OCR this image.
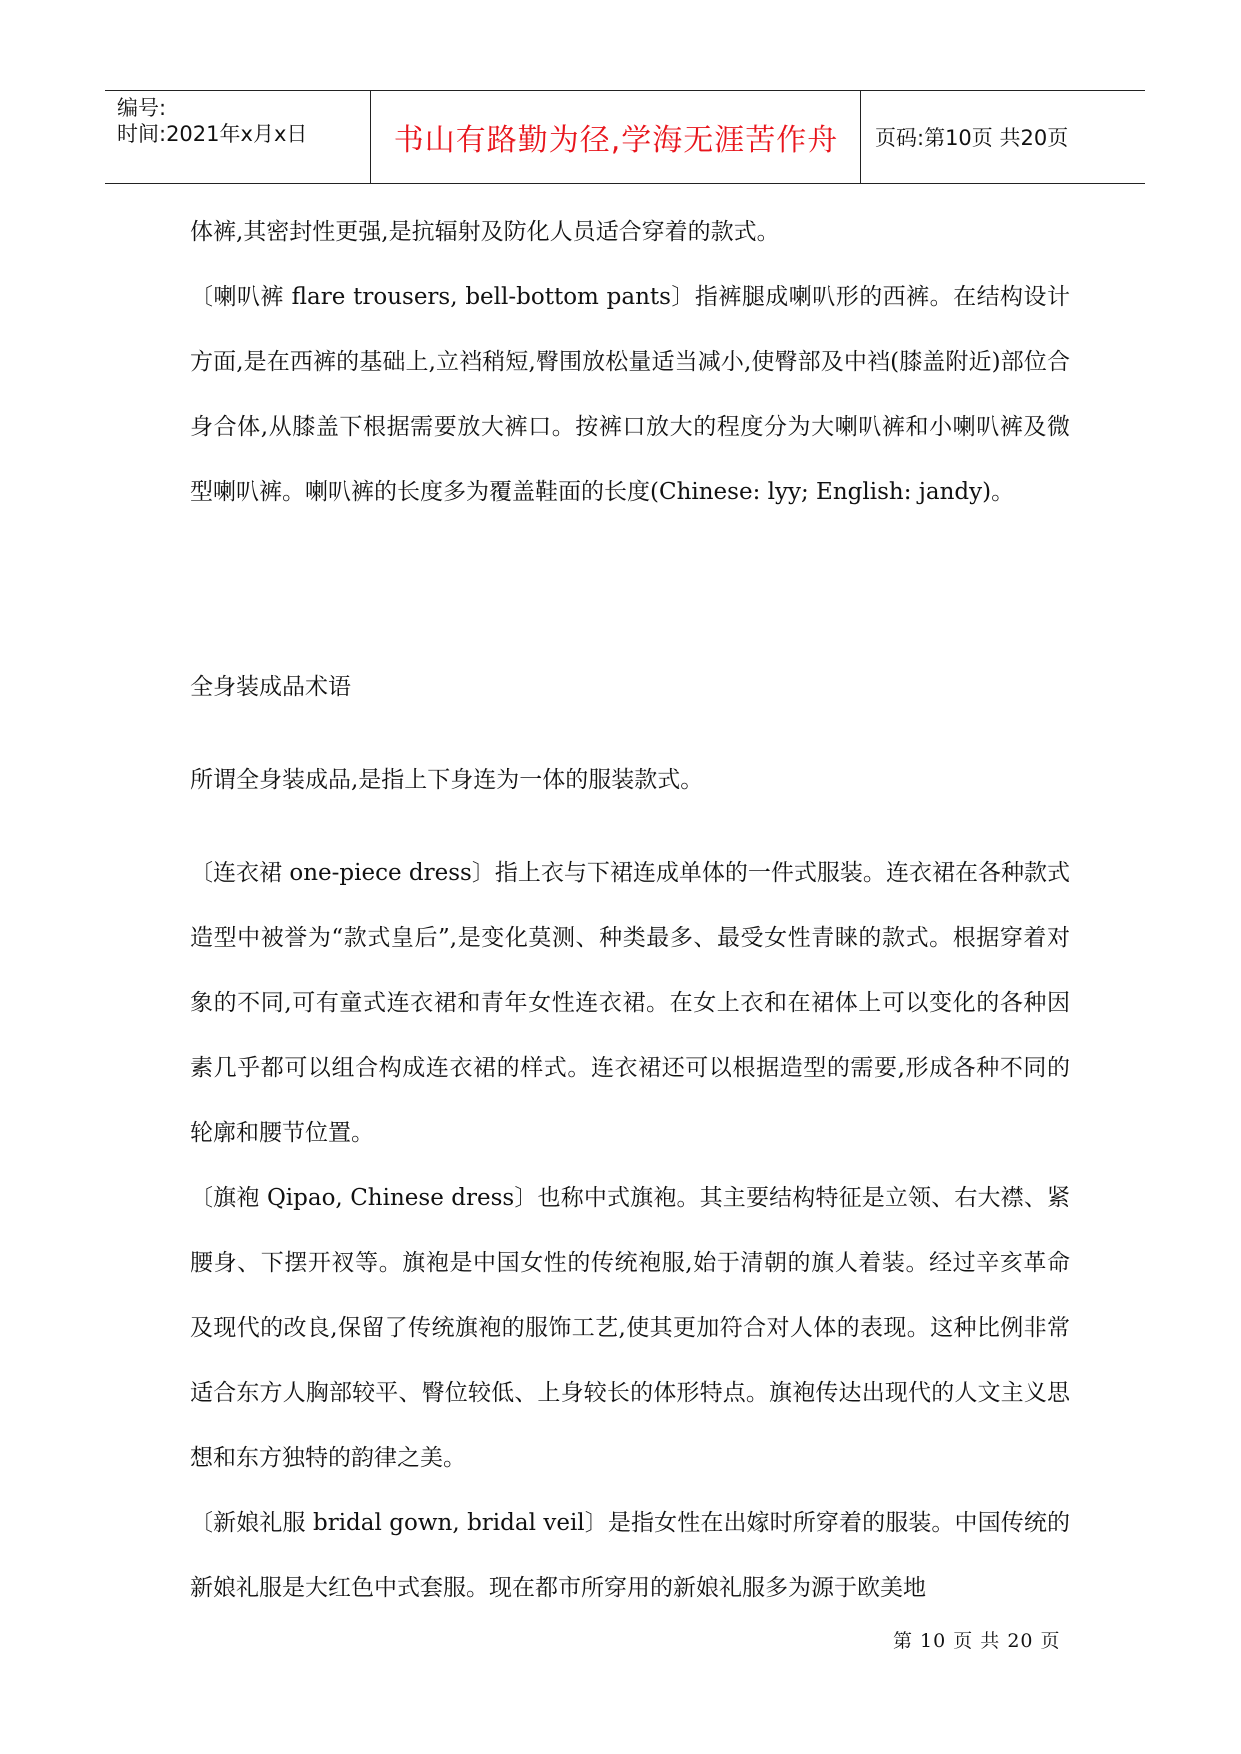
编号:
时间:2021年x月x日	书山有路勤为径,学海无涯苦作舟	页码:第10页 共20页
体裤,其密封性更强,是抗辐射及防化人员适合穿着的款式。
〔喇叭裤 flare trousers, bell-bottom pants〕指裤腿成喇叭形的西裤。在结构设计方面,是在西裤的基础上,立裆稍短,臀围放松量适当减小,使臀部及中裆(膝盖附近)部位合身合体,从膝盖下根据需要放大裤口。按裤口放大的程度分为大喇叭裤和小喇叭裤及微型喇叭裤。喇叭裤的长度多为覆盖鞋面的长度(Chinese: lyy; English: jandy)。
全身装成品术语
所谓全身装成品,是指上下身连为一体的服装款式。
〔连衣裙 one-piece dress〕指上衣与下裙连成单体的一件式服装。连衣裙在各种款式造型中被誉为“款式皇后”,是变化莫测、种类最多、最受女性青睐的款式。根据穿着对象的不同,可有童式连衣裙和青年女性连衣裙。在女上衣和在裙体上可以变化的各种因素几乎都可以组合构成连衣裙的样式。连衣裙还可以根据造型的需要,形成各种不同的轮廓和腰节位置。
〔旗袍 Qipao, Chinese dress〕也称中式旗袍。其主要结构特征是立领、右大襟、紧腰身、下摆开衩等。旗袍是中国女性的传统袍服,始于清朝的旗人着装。经过辛亥革命及现代的改良,保留了传统旗袍的服饰工艺,使其更加符合对人体的表现。这种比例非常适合东方人胸部较平、臀位较低、上身较长的体形特点。旗袍传达出现代的人文主义思想和东方独特的韵律之美。
〔新娘礼服 bridal gown, bridal veil〕是指女性在出嫁时所穿着的服装。中国传统的新娘礼服是大红色中式套服。现在都市所穿用的新娘礼服多为源于欧美地
第 10 页 共 20 页
